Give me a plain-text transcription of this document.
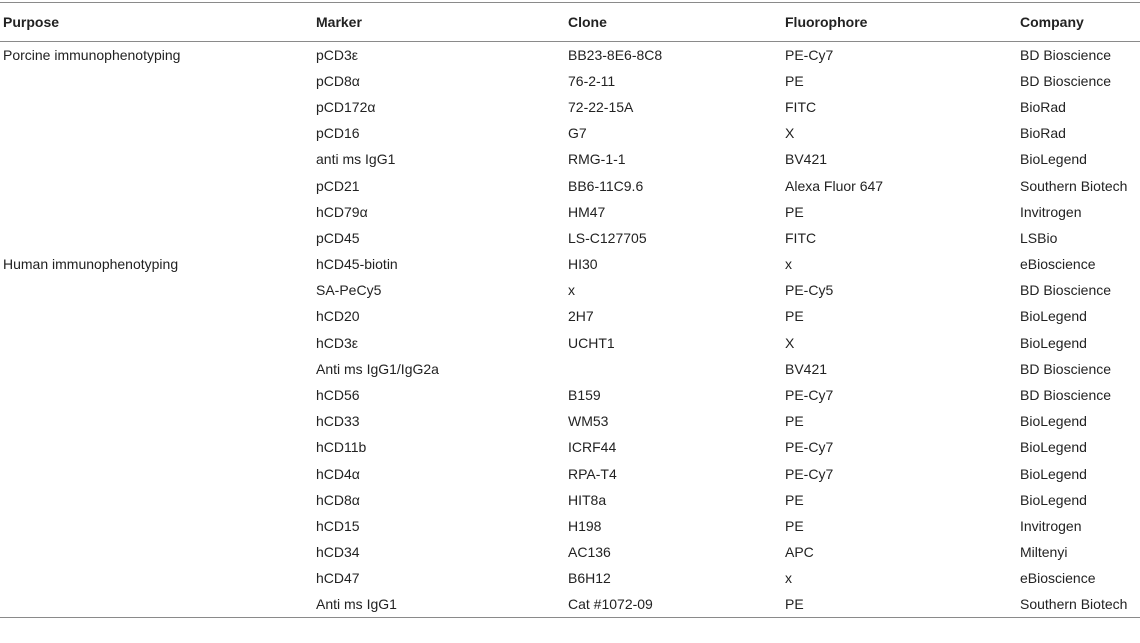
Purpose	Marker	Clone	Fluorophore	Company
Porcine immunophenotyping	pCD3ε	BB23-8E6-8C8	PE-Cy7	BD Bioscience
	pCD8α	76-2-11	PE	BD Bioscience
	pCD172α	72-22-15A	FITC	BioRad
	pCD16	G7	X	BioRad
	anti ms IgG1	RMG-1-1	BV421	BioLegend
	pCD21	BB6-11C9.6	Alexa Fluor 647	Southern Biotech
	hCD79α	HM47	PE	Invitrogen
	pCD45	LS-C127705	FITC	LSBio
Human immunophenotyping	hCD45-biotin	HI30	x	eBioscience
	SA-PeCy5	x	PE-Cy5	BD Bioscience
	hCD20	2H7	PE	BioLegend
	hCD3ε	UCHT1	X	BioLegend
	Anti ms IgG1/IgG2a		BV421	BD Bioscience
	hCD56	B159	PE-Cy7	BD Bioscience
	hCD33	WM53	PE	BioLegend
	hCD11b	ICRF44	PE-Cy7	BioLegend
	hCD4α	RPA-T4	PE-Cy7	BioLegend
	hCD8α	HIT8a	PE	BioLegend
	hCD15	H198	PE	Invitrogen
	hCD34	AC136	APC	Miltenyi
	hCD47	B6H12	x	eBioscience
	Anti ms IgG1	Cat #1072-09	PE	Southern Biotech
